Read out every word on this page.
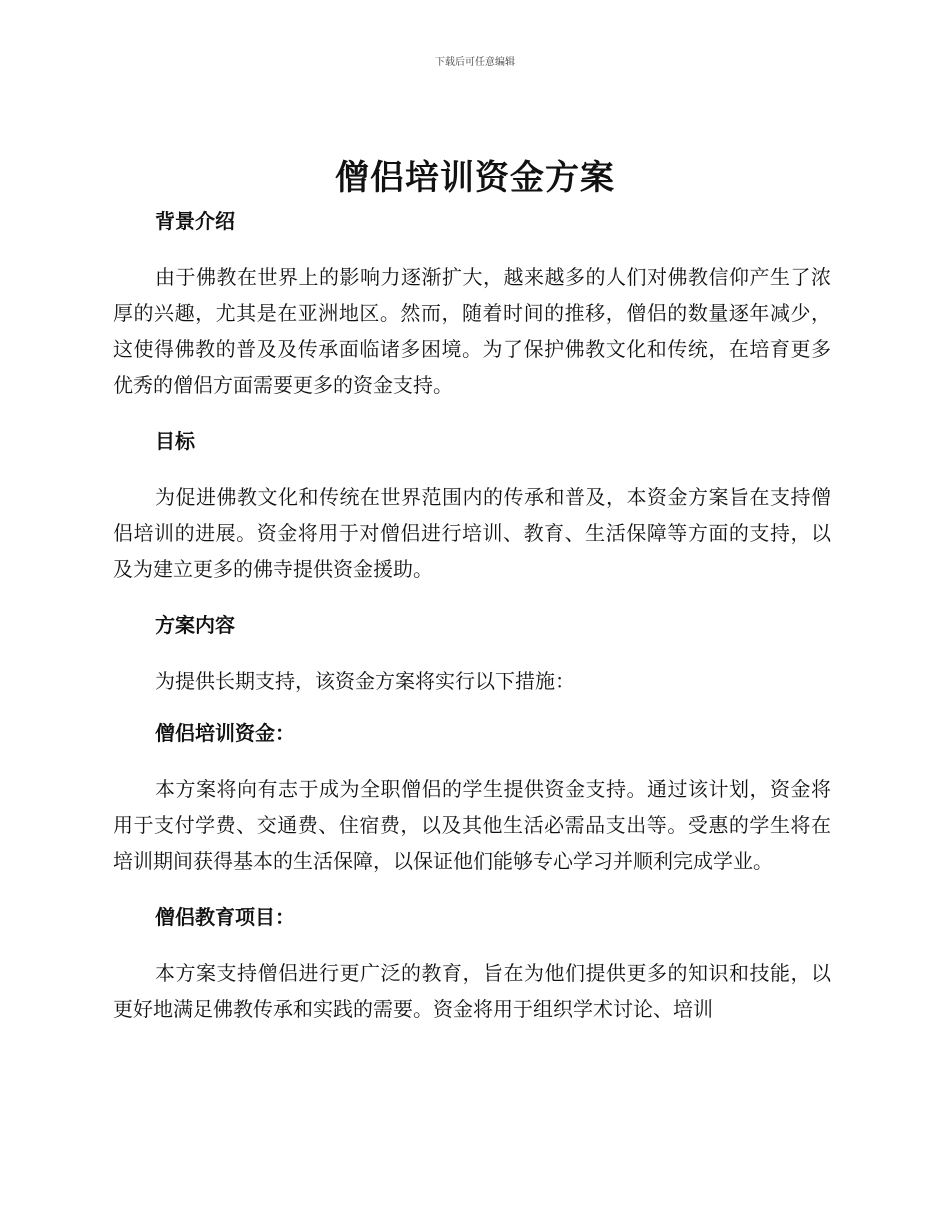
下载后可任意编辑
僧侣培训资金方案
背景介绍

由于佛教在世界上的影响力逐渐扩大，越来越多的人们对佛教信仰产生了浓厚的兴趣，尤其是在亚洲地区。然而，随着时间的推移，僧侣的数量逐年减少，这使得佛教的普及及传承面临诸多困境。为了保护佛教文化和传统，在培育更多优秀的僧侣方面需要更多的资金支持。

目标

为促进佛教文化和传统在世界范围内的传承和普及，本资金方案旨在支持僧侣培训的进展。资金将用于对僧侣进行培训、教育、生活保障等方面的支持，以及为建立更多的佛寺提供资金援助。

方案内容

为提供长期支持，该资金方案将实行以下措施：

僧侣培训资金：

本方案将向有志于成为全职僧侣的学生提供资金支持。通过该计划，资金将用于支付学费、交通费、住宿费，以及其他生活必需品支出等。受惠的学生将在培训期间获得基本的生活保障，以保证他们能够专心学习并顺利完成学业。

僧侣教育项目：

本方案支持僧侣进行更广泛的教育，旨在为他们提供更多的知识和技能，以更好地满足佛教传承和实践的需要。资金将用于组织学术讨论、培训
